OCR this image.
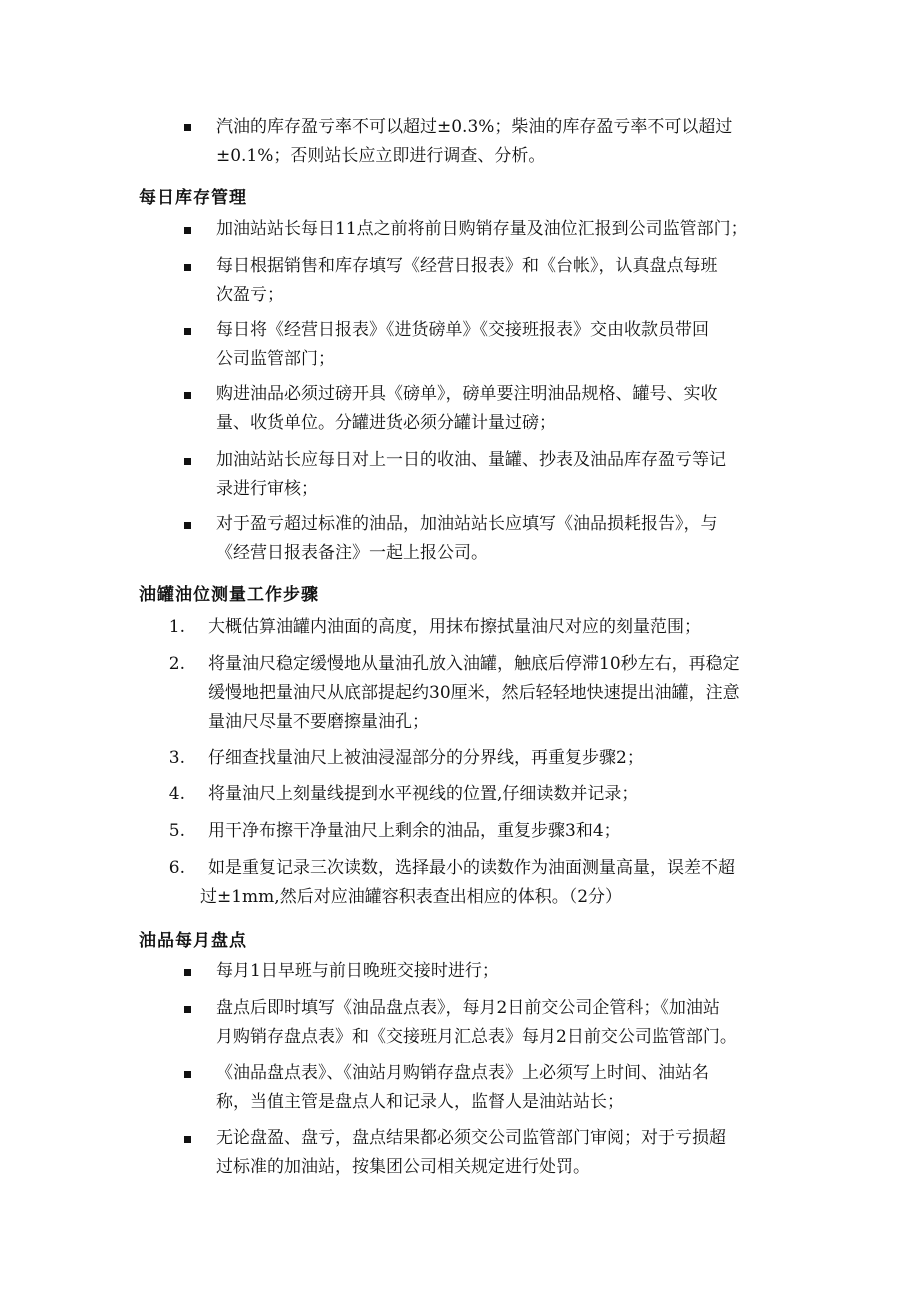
汽油的库存盈亏率不可以超过±0.3%；柴油的库存盈亏率不可以超过
±0.1%；否则站长应立即进行调查、分析。
每日库存管理
加油站站长每日11点之前将前日购销存量及油位汇报到公司监管部门；
每日根据销售和库存填写《经营日报表》和《台帐》，认真盘点每班
次盈亏；
每日将《经营日报表》《进货磅单》《交接班报表》交由收款员带回
公司监管部门；
购进油品必须过磅开具《磅单》，磅单要注明油品规格、罐号、实收
量、收货单位。分罐进货必须分罐计量过磅；
加油站站长应每日对上一日的收油、量罐、抄表及油品库存盈亏等记
录进行审核；
对于盈亏超过标准的油品，加油站站长应填写《油品损耗报告》，与
《经营日报表备注》一起上报公司。
油罐油位测量工作步骤
1. 大概估算油罐内油面的高度，用抹布擦拭量油尺对应的刻量范围；
2. 将量油尺稳定缓慢地从量油孔放入油罐，触底后停滞10秒左右，再稳定
缓慢地把量油尺从底部提起约30厘米，然后轻轻地快速提出油罐，注意
量油尺尽量不要磨擦量油孔；
3. 仔细查找量油尺上被油浸湿部分的分界线，再重复步骤2；
4. 将量油尺上刻量线提到水平视线的位置,仔细读数并记录；
5. 用干净布擦干净量油尺上剩余的油品，重复步骤3和4；
6. 如是重复记录三次读数，选择最小的读数作为油面测量高量，误差不超
过±1mm,然后对应油罐容积表查出相应的体积。（2分）
油品每月盘点
每月1日早班与前日晚班交接时进行；
盘点后即时填写《油品盘点表》，每月2日前交公司企管科；《加油站
月购销存盘点表》和《交接班月汇总表》每月2日前交公司监管部门。
《油品盘点表》、《油站月购销存盘点表》上必须写上时间、油站名
称，当值主管是盘点人和记录人，监督人是油站站长；
无论盘盈、盘亏，盘点结果都必须交公司监管部门审阅；对于亏损超
过标准的加油站，按集团公司相关规定进行处罚。
